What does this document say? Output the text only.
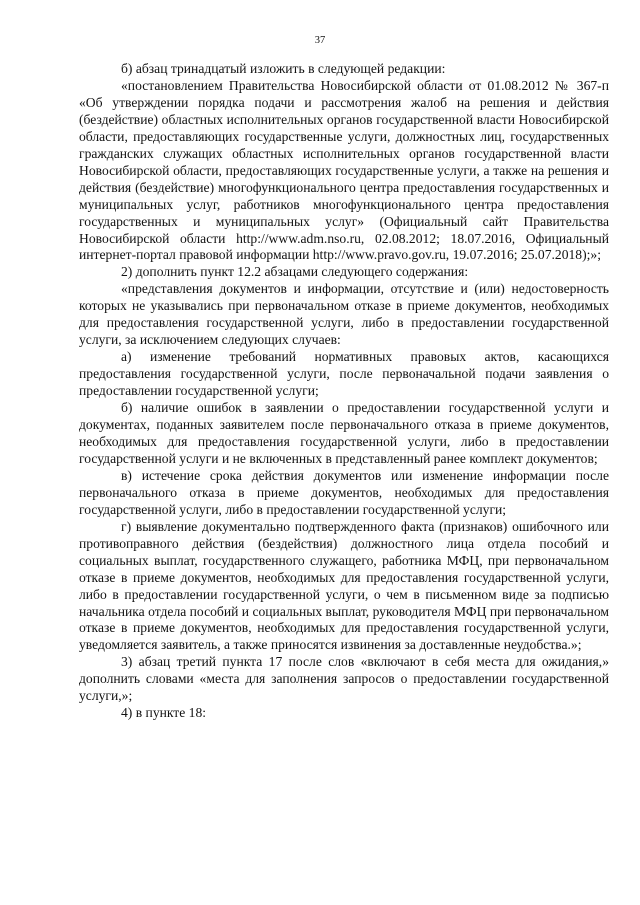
37

б) абзац тринадцатый изложить в следующей редакции:

«постановлением Правительства Новосибирской области от 01.08.2012 № 367-п «Об утверждении порядка подачи и рассмотрения жалоб на решения и действия (бездействие) областных исполнительных органов государственной власти Новосибирской области, предоставляющих государственные услуги, должностных лиц, государственных гражданских служащих областных исполнительных органов государственной власти Новосибирской области, предоставляющих государственные услуги, а также на решения и действия (бездействие) многофункционального центра предоставления государственных и муниципальных услуг, работников многофункционального центра предоставления государственных и муниципальных услуг» (Официальный сайт Правительства Новосибирской области http://www.adm.nso.ru, 02.08.2012; 18.07.2016, Официальный интернет-портал правовой информации http://www.pravo.gov.ru, 19.07.2016; 25.07.2018);»;

2) дополнить пункт 12.2 абзацами следующего содержания:

«представления документов и информации, отсутствие и (или) недостоверность которых не указывались при первоначальном отказе в приеме документов, необходимых для предоставления государственной услуги, либо в предоставлении государственной услуги, за исключением следующих случаев:

а) изменение требований нормативных правовых актов, касающихся предоставления государственной услуги, после первоначальной подачи заявления о предоставлении государственной услуги;

б) наличие ошибок в заявлении о предоставлении государственной услуги и документах, поданных заявителем после первоначального отказа в приеме документов, необходимых для предоставления государственной услуги, либо в предоставлении государственной услуги и не включенных в представленный ранее комплект документов;

в) истечение срока действия документов или изменение информации после первоначального отказа в приеме документов, необходимых для предоставления государственной услуги, либо в предоставлении государственной услуги;

г) выявление документально подтвержденного факта (признаков) ошибочного или противоправного действия (бездействия) должностного лица отдела пособий и социальных выплат, государственного служащего, работника МФЦ, при первоначальном отказе в приеме документов, необходимых для предоставления государственной услуги, либо в предоставлении государственной услуги, о чем в письменном виде за подписью начальника отдела пособий и социальных выплат, руководителя МФЦ при первоначальном отказе в приеме документов, необходимых для предоставления государственной услуги, уведомляется заявитель, а также приносятся извинения за доставленные неудобства.»;

3) абзац третий пункта 17 после слов «включают в себя места для ожидания,» дополнить словами «места для заполнения запросов о предоставлении государственной услуги,»;

4) в пункте 18:
